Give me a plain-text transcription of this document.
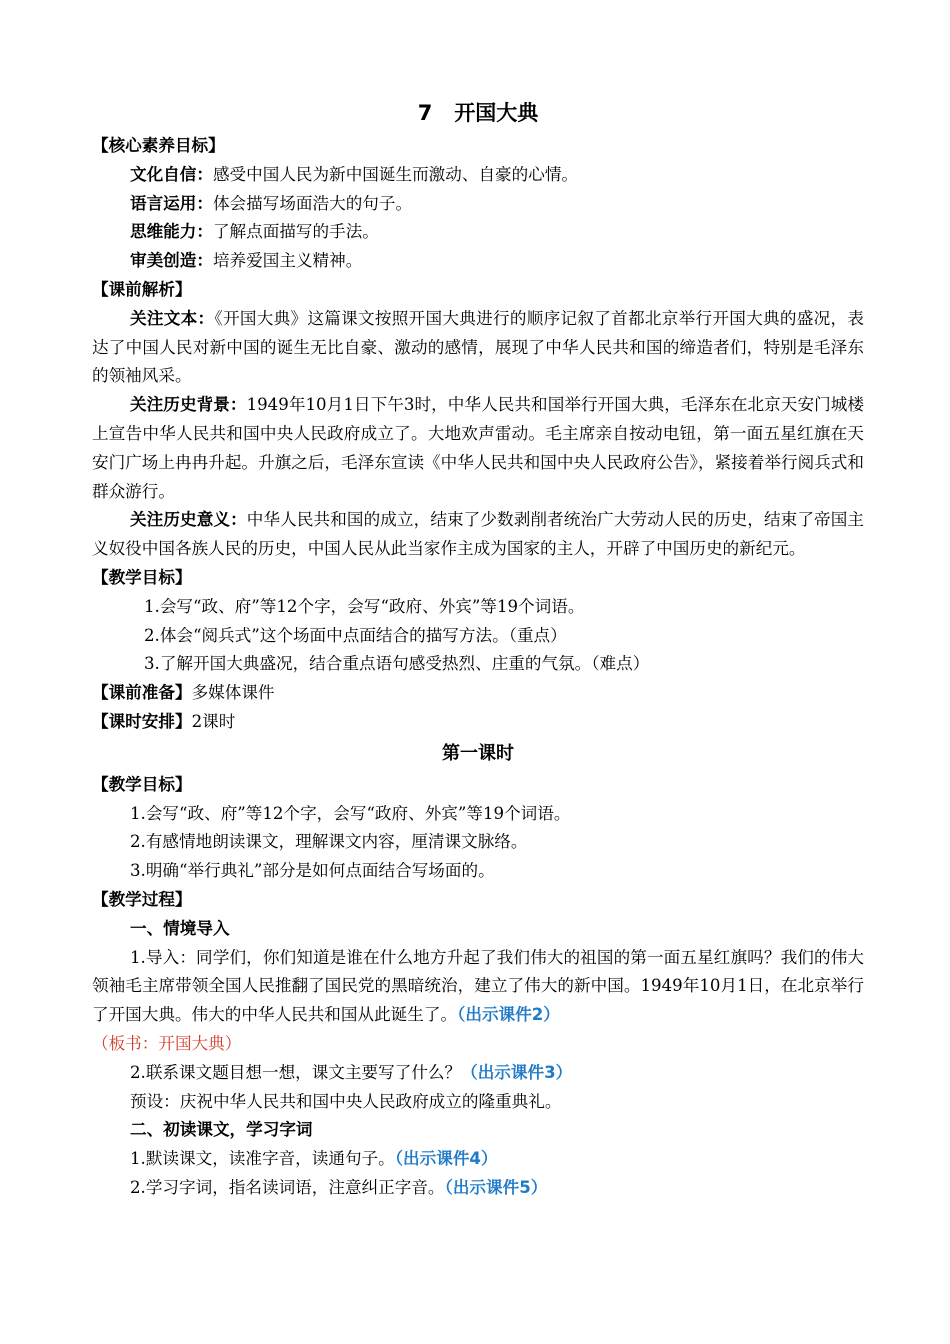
7 开国大典
【核心素养目标】
文化自信：感受中国人民为新中国诞生而激动、自豪的心情。
语言运用：体会描写场面浩大的句子。
思维能力：了解点面描写的手法。
审美创造：培养爱国主义精神。
【课前解析】
关注文本：《开国大典》这篇课文按照开国大典进行的顺序记叙了首都北京举行开国大典的盛况，表达了中国人民对新中国的诞生无比自豪、激动的感情，展现了中华人民共和国的缔造者们，特别是毛泽东的领袖风采。
关注历史背景：1949年10月1日下午3时，中华人民共和国举行开国大典，毛泽东在北京天安门城楼上宣告中华人民共和国中央人民政府成立了。大地欢声雷动。毛主席亲自按动电钮，第一面五星红旗在天安门广场上冉冉升起。升旗之后，毛泽东宣读《中华人民共和国中央人民政府公告》，紧接着举行阅兵式和群众游行。
关注历史意义：中华人民共和国的成立，结束了少数剥削者统治广大劳动人民的历史，结束了帝国主义奴役中国各族人民的历史，中国人民从此当家作主成为国家的主人，开辟了中国历史的新纪元。
【教学目标】
1.会写“政、府”等12个字，会写“政府、外宾”等19个词语。
2.体会“阅兵式”这个场面中点面结合的描写方法。（重点）
3.了解开国大典盛况，结合重点语句感受热烈、庄重的气氛。（难点）
【课前准备】多媒体课件
【课时安排】2课时
第一课时
【教学目标】
1.会写“政、府”等12个字，会写“政府、外宾”等19个词语。
2.有感情地朗读课文，理解课文内容，厘清课文脉络。
3.明确“举行典礼”部分是如何点面结合写场面的。
【教学过程】
一、情境导入
1.导入：同学们，你们知道是谁在什么地方升起了我们伟大的祖国的第一面五星红旗吗？我们的伟大领袖毛主席带领全国人民推翻了国民党的黑暗统治，建立了伟大的新中国。1949年10月1日，在北京举行了开国大典。伟大的中华人民共和国从此诞生了。（出示课件2）
（板书：开国大典）
2.联系课文题目想一想，课文主要写了什么？（出示课件3）
预设：庆祝中华人民共和国中央人民政府成立的隆重典礼。
二、初读课文，学习字词
1.默读课文，读准字音，读通句子。（出示课件4）
2.学习字词，指名读词语，注意纠正字音。（出示课件5）
